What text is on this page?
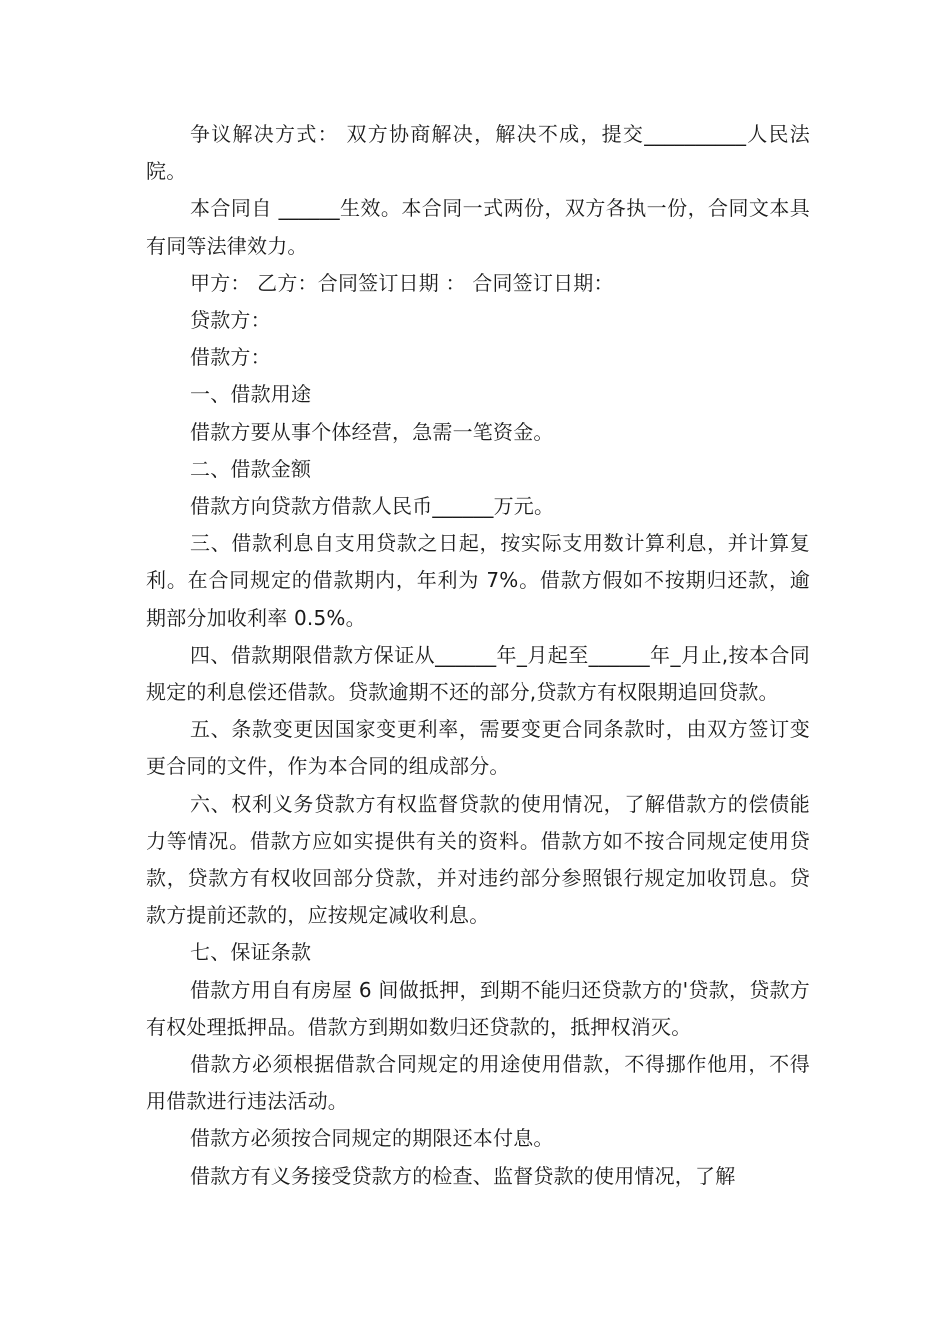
争议解决方式： 双方协商解决，解决不成，提交__________人民法院。

本合同自 ______生效。本合同一式两份，双方各执一份，合同文本具有同等法律效力。

甲方： 乙方：合同签订日期 ： 合同签订日期：

贷款方：

借款方：

一、借款用途

借款方要从事个体经营，急需一笔资金。

二、借款金额

借款方向贷款方借款人民币______万元。

三、借款利息自支用贷款之日起，按实际支用数计算利息，并计算复利。在合同规定的借款期内，年利为 7%。借款方假如不按期归还款，逾期部分加收利率 0.5%。

四、借款期限借款方保证从______年_月起至______年_月止,按本合同规定的利息偿还借款。贷款逾期不还的部分,贷款方有权限期追回贷款。

五、条款变更因国家变更利率，需要变更合同条款时，由双方签订变更合同的文件，作为本合同的组成部分。

六、权利义务贷款方有权监督贷款的使用情况，了解借款方的偿债能力等情况。借款方应如实提供有关的资料。借款方如不按合同规定使用贷款，贷款方有权收回部分贷款，并对违约部分参照银行规定加收罚息。贷款方提前还款的，应按规定减收利息。

七、保证条款

借款方用自有房屋 6 间做抵押，到期不能归还贷款方的'贷款，贷款方有权处理抵押品。借款方到期如数归还贷款的，抵押权消灭。

借款方必须根据借款合同规定的用途使用借款，不得挪作他用，不得用借款进行违法活动。

借款方必须按合同规定的期限还本付息。

借款方有义务接受贷款方的检查、监督贷款的使用情况，了解
